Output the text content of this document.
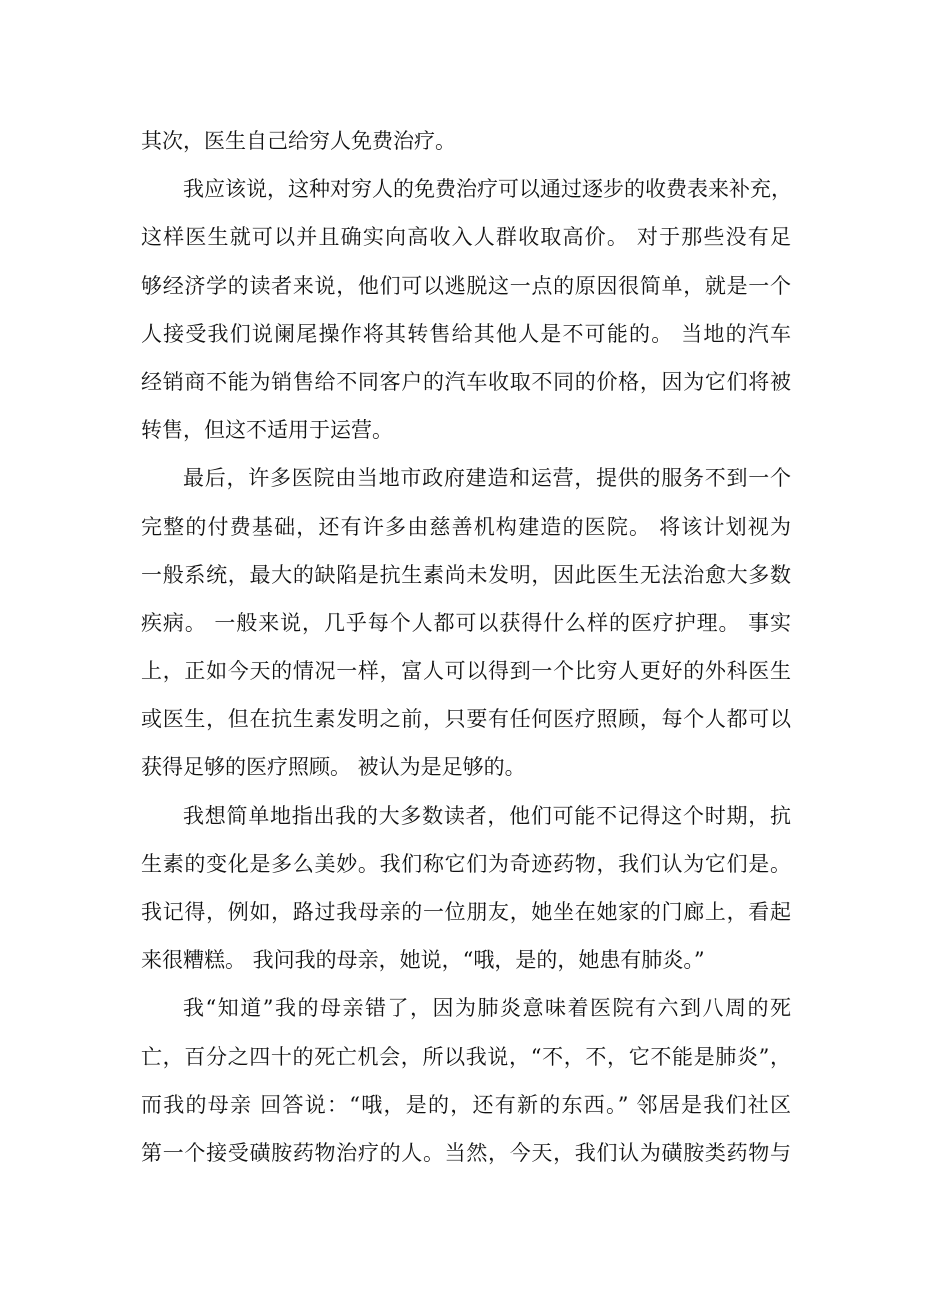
其次，医生自己给穷人免费治疗。
我应该说，这种对穷人的免费治疗可以通过逐步的收费表来补充，
这样医生就可以并且确实向高收入人群收取高价。 对于那些没有足
够经济学的读者来说，他们可以逃脱这一点的原因很简单，就是一个
人接受我们说阑尾操作将其转售给其他人是不可能的。 当地的汽车
经销商不能为销售给不同客户的汽车收取不同的价格，因为它们将被
转售，但这不适用于运营。
最后，许多医院由当地市政府建造和运营，提供的服务不到一个
完整的付费基础，还有许多由慈善机构建造的医院。 将该计划视为
一般系统，最大的缺陷是抗生素尚未发明，因此医生无法治愈大多数
疾病。 一般来说，几乎每个人都可以获得什么样的医疗护理。 事实
上，正如今天的情况一样，富人可以得到一个比穷人更好的外科医生
或医生，但在抗生素发明之前，只要有任何医疗照顾，每个人都可以
获得足够的医疗照顾。 被认为是足够的。
我想简单地指出我的大多数读者，他们可能不记得这个时期，抗
生素的变化是多么美妙。我们称它们为奇迹药物，我们认为它们是。
我记得，例如，路过我母亲的一位朋友，她坐在她家的门廊上，看起
来很糟糕。 我问我的母亲，她说，“哦，是的，她患有肺炎。”
我“知道”我的母亲错了，因为肺炎意味着医院有六到八周的死
亡，百分之四十的死亡机会，所以我说，“不，不，它不能是肺炎”，
而我的母亲 回答说：“哦，是的，还有新的东西。” 邻居是我们社区
第一个接受磺胺药物治疗的人。当然，今天，我们认为磺胺类药物与
